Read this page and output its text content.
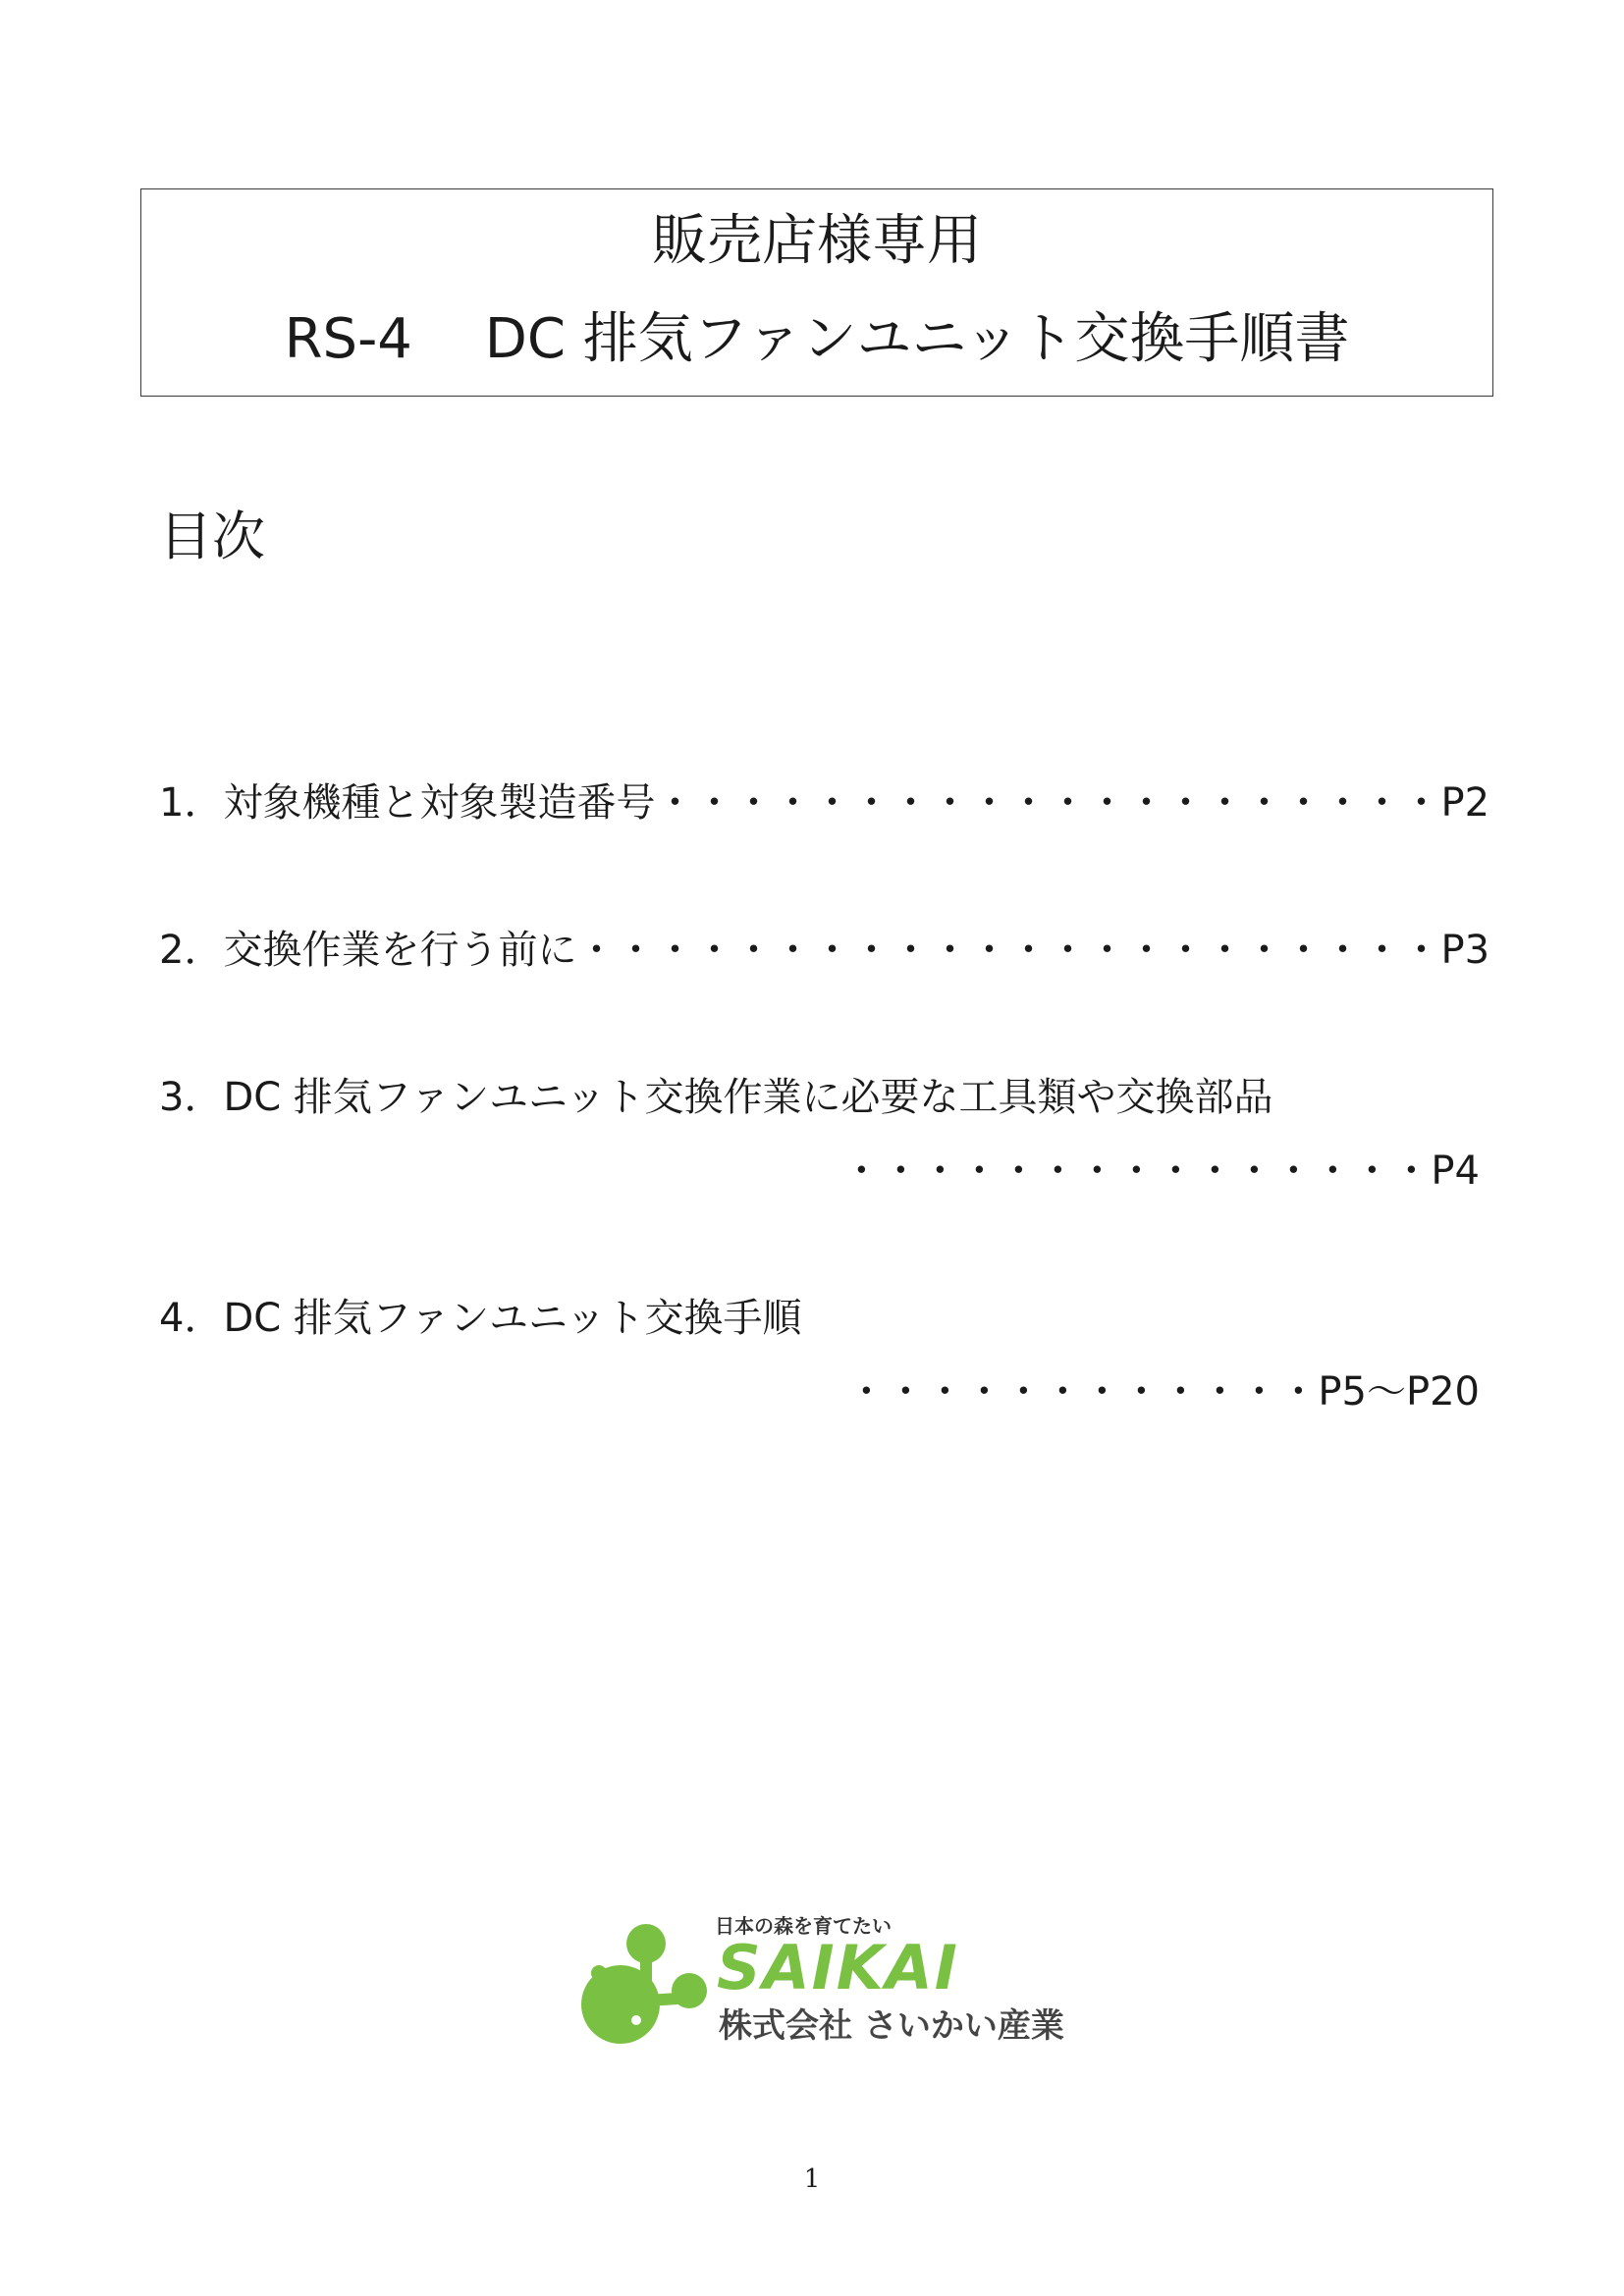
販売店様専用
RS-4　 DC 排気ファンユニット交換手順書
目次
1．対象機種と対象製造番号・・・・・・・・・・・・・・・・・・・・P2
2．交換作業を行う前に・・・・・・・・・・・・・・・・・・・・・・P3
3．DC 排気ファンユニット交換作業に必要な工具類や交換部品
・・・・・・・・・・・・・・・P4
4．DC 排気ファンユニット交換手順
・・・・・・・・・・・・P5～P20
日本の森を育てたい
SAIKAI
株式会社 さいかい産業
1
